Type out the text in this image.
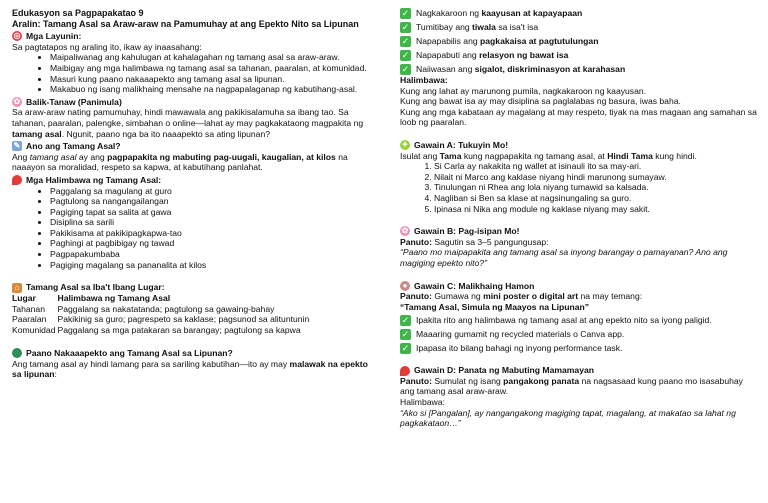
Edukasyon sa Pagpapakatao 9
Aralin: Tamang Asal sa Araw-araw na Pamumuhay at ang Epekto Nito sa Lipunan
◎ Mga Layunin:

Sa pagtatapos ng araling ito, ikaw ay inaasahang:

• Maipaliwanag ang kahulugan at kahalagahan ng tamang asal sa araw-araw.
• Maibigay ang mga halimbawa ng tamang asal sa tahanan, paaralan, at komunidad.
• Masuri kung paano nakaaapekto ang tamang asal sa lipunan.
• Makabuo ng isang malikhaing mensahe na nagpapalaganap ng kabutihang-asal.
✿ Balik-Tanaw (Panimula)

Sa araw-araw nating pamumuhay, hindi mawawala ang pakikisalamuha sa ibang tao. Sa tahanan, paaralan, palengke, simbahan o online—lahat ay may pagkakataong magpakita ng tamang asal. Ngunit, paano nga ba ito naaapekto sa ating lipunan?

✎ Ano ang Tamang Asal?

Ang tamang asal ay ang pagpapakita ng mabuting pag-uugali, kaugalian, at kilos na naaayon sa moralidad, respeto sa kapwa, at kabutihang panlahat.

Mga Halimbawa ng Tamang Asal:
• Paggalang sa magulang at guro
• Pagtulong sa nangangailangan
• Pagiging tapat sa salita at gawa
• Disiplina sa sarili
• Pakikisama at pakikipagkapwa-tao
• Paghingi at pagbibigay ng tawad
• Pagpapakumbaba
• Pagiging magalang sa pananalita at kilos
⌂ Tamang Asal sa Iba't Ibang Lugar:
Lugar	Halimbawa ng Tamang Asal
Tahanan	Paggalang sa nakatatanda; pagtulong sa gawaing-bahay
Paaralan	Pakikinig sa guro; pagrespeto sa kaklase; pagsunod sa alituntunin
Komunidad	Paggalang sa mga patakaran sa barangay; pagtulong sa kapwa
Paano Nakaaapekto ang Tamang Asal sa Lipunan?

Ang tamang asal ay hindi lamang para sa sariling kabutihan—ito ay may malawak na epekto sa lipunan:

✓ Nagkakaroon ng kaayusan at kapayapaan
✓ Tumitibay ang tiwala sa isa't isa
✓ Napapabilis ang pagkakaisa at pagtutulungan
✓ Napapabuti ang relasyon ng bawat isa
✓ Naiiwasan ang sigalot, diskriminasyon at karahasan
Halimbawa:

Kung ang lahat ay marunong pumila, nagkakaroon ng kaayusan.

Kung ang bawat isa ay may disiplina sa paglalabas ng basura, iwas baha.

Kung ang mga kabataan ay magalang at may respeto, tiyak na mas magaan ang samahan sa loob ng paaralan.

✦ Gawain A: Tukuyin Mo!

Isulat ang Tama kung nagpapakita ng tamang asal, at Hindi Tama kung hindi.

1. Si Carla ay nakakita ng wallet at isinauli ito sa may-ari.
2. Nilait ni Marco ang kaklase niyang hindi marunong sumayaw.
3. Tinulungan ni Rhea ang lola niyang tumawid sa kalsada.
4. Nagliban si Ben sa klase at nagsinungaling sa guro.
5. Ipinasa ni Nika ang module ng kaklase niyang may sakit.
✿ Gawain B: Pag-isipan Mo!

Panuto: Sagutin sa 3–5 pangungusap:

“Paano mo maipapakita ang tamang asal sa inyong barangay o pamayanan? Ano ang magiging epekto nito?”

● Gawain C: Malikhaing Hamon

Panuto: Gumawa ng mini poster o digital art na may temang:

“Tamang Asal, Simula ng Maayos na Lipunan”

✓ Ipakita rito ang halimbawa ng tamang asal at ang epekto nito sa iyong paligid.
✓ Maaaring gumamit ng recycled materials o Canva app.
✓ Ipapasa ito bilang bahagi ng inyong performance task.
Gawain D: Panata ng Mabuting Mamamayan

Panuto: Sumulat ng isang pangakong panata na nagsasaad kung paano mo isasabuhay ang tamang asal araw-araw.

Halimbawa:

“Ako si [Pangalan], ay nangangakong magiging tapat, magalang, at makatao sa lahat ng pagkakataon…”
